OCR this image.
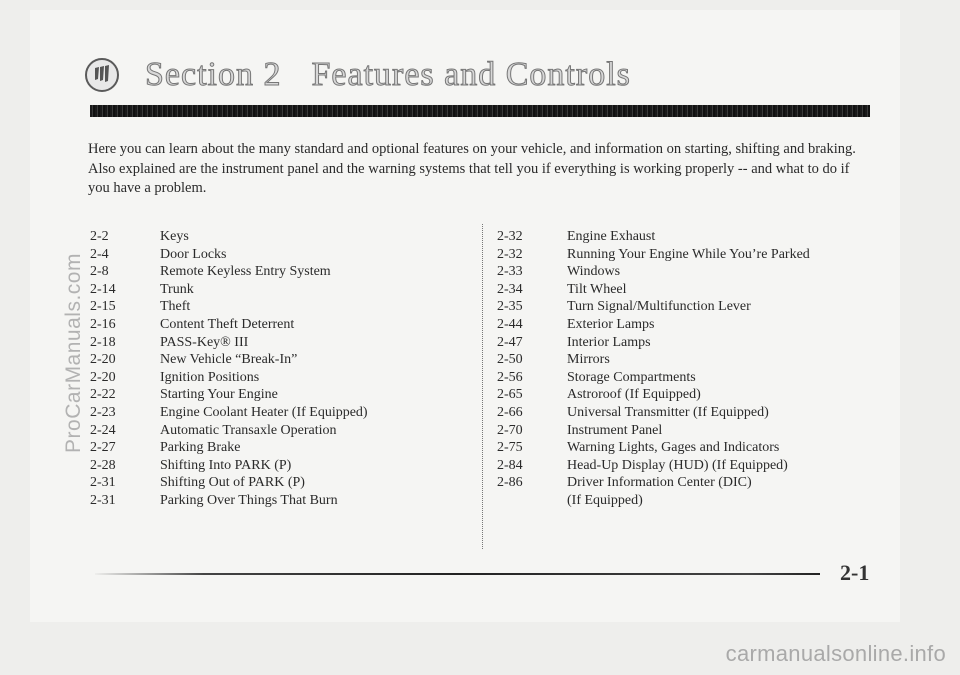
Section 2 Features and Controls
Here you can learn about the many standard and optional features on your vehicle, and information on starting, shifting and braking. Also explained are the instrument panel and the warning systems that tell you if everything is working properly -- and what to do if you have a problem.
2-2	Keys
2-4	Door Locks
2-8	Remote Keyless Entry System
2-14	Trunk
2-15	Theft
2-16	Content Theft Deterrent
2-18	PASS-Key® III
2-20	New Vehicle “Break-In”
2-20	Ignition Positions
2-22	Starting Your Engine
2-23	Engine Coolant Heater (If Equipped)
2-24	Automatic Transaxle Operation
2-27	Parking Brake
2-28	Shifting Into PARK (P)
2-31	Shifting Out of PARK (P)
2-31	Parking Over Things That Burn
2-32	Engine Exhaust
2-32	Running Your Engine While You’re Parked
2-33	Windows
2-34	Tilt Wheel
2-35	Turn Signal/Multifunction Lever
2-44	Exterior Lamps
2-47	Interior Lamps
2-50	Mirrors
2-56	Storage Compartments
2-65	Astroroof (If Equipped)
2-66	Universal Transmitter (If Equipped)
2-70	Instrument Panel
2-75	Warning Lights, Gages and Indicators
2-84	Head-Up Display (HUD) (If Equipped)
2-86	Driver Information Center (DIC)
(If Equipped)
2-1
ProCarManuals.com
carmanualsonline.info
